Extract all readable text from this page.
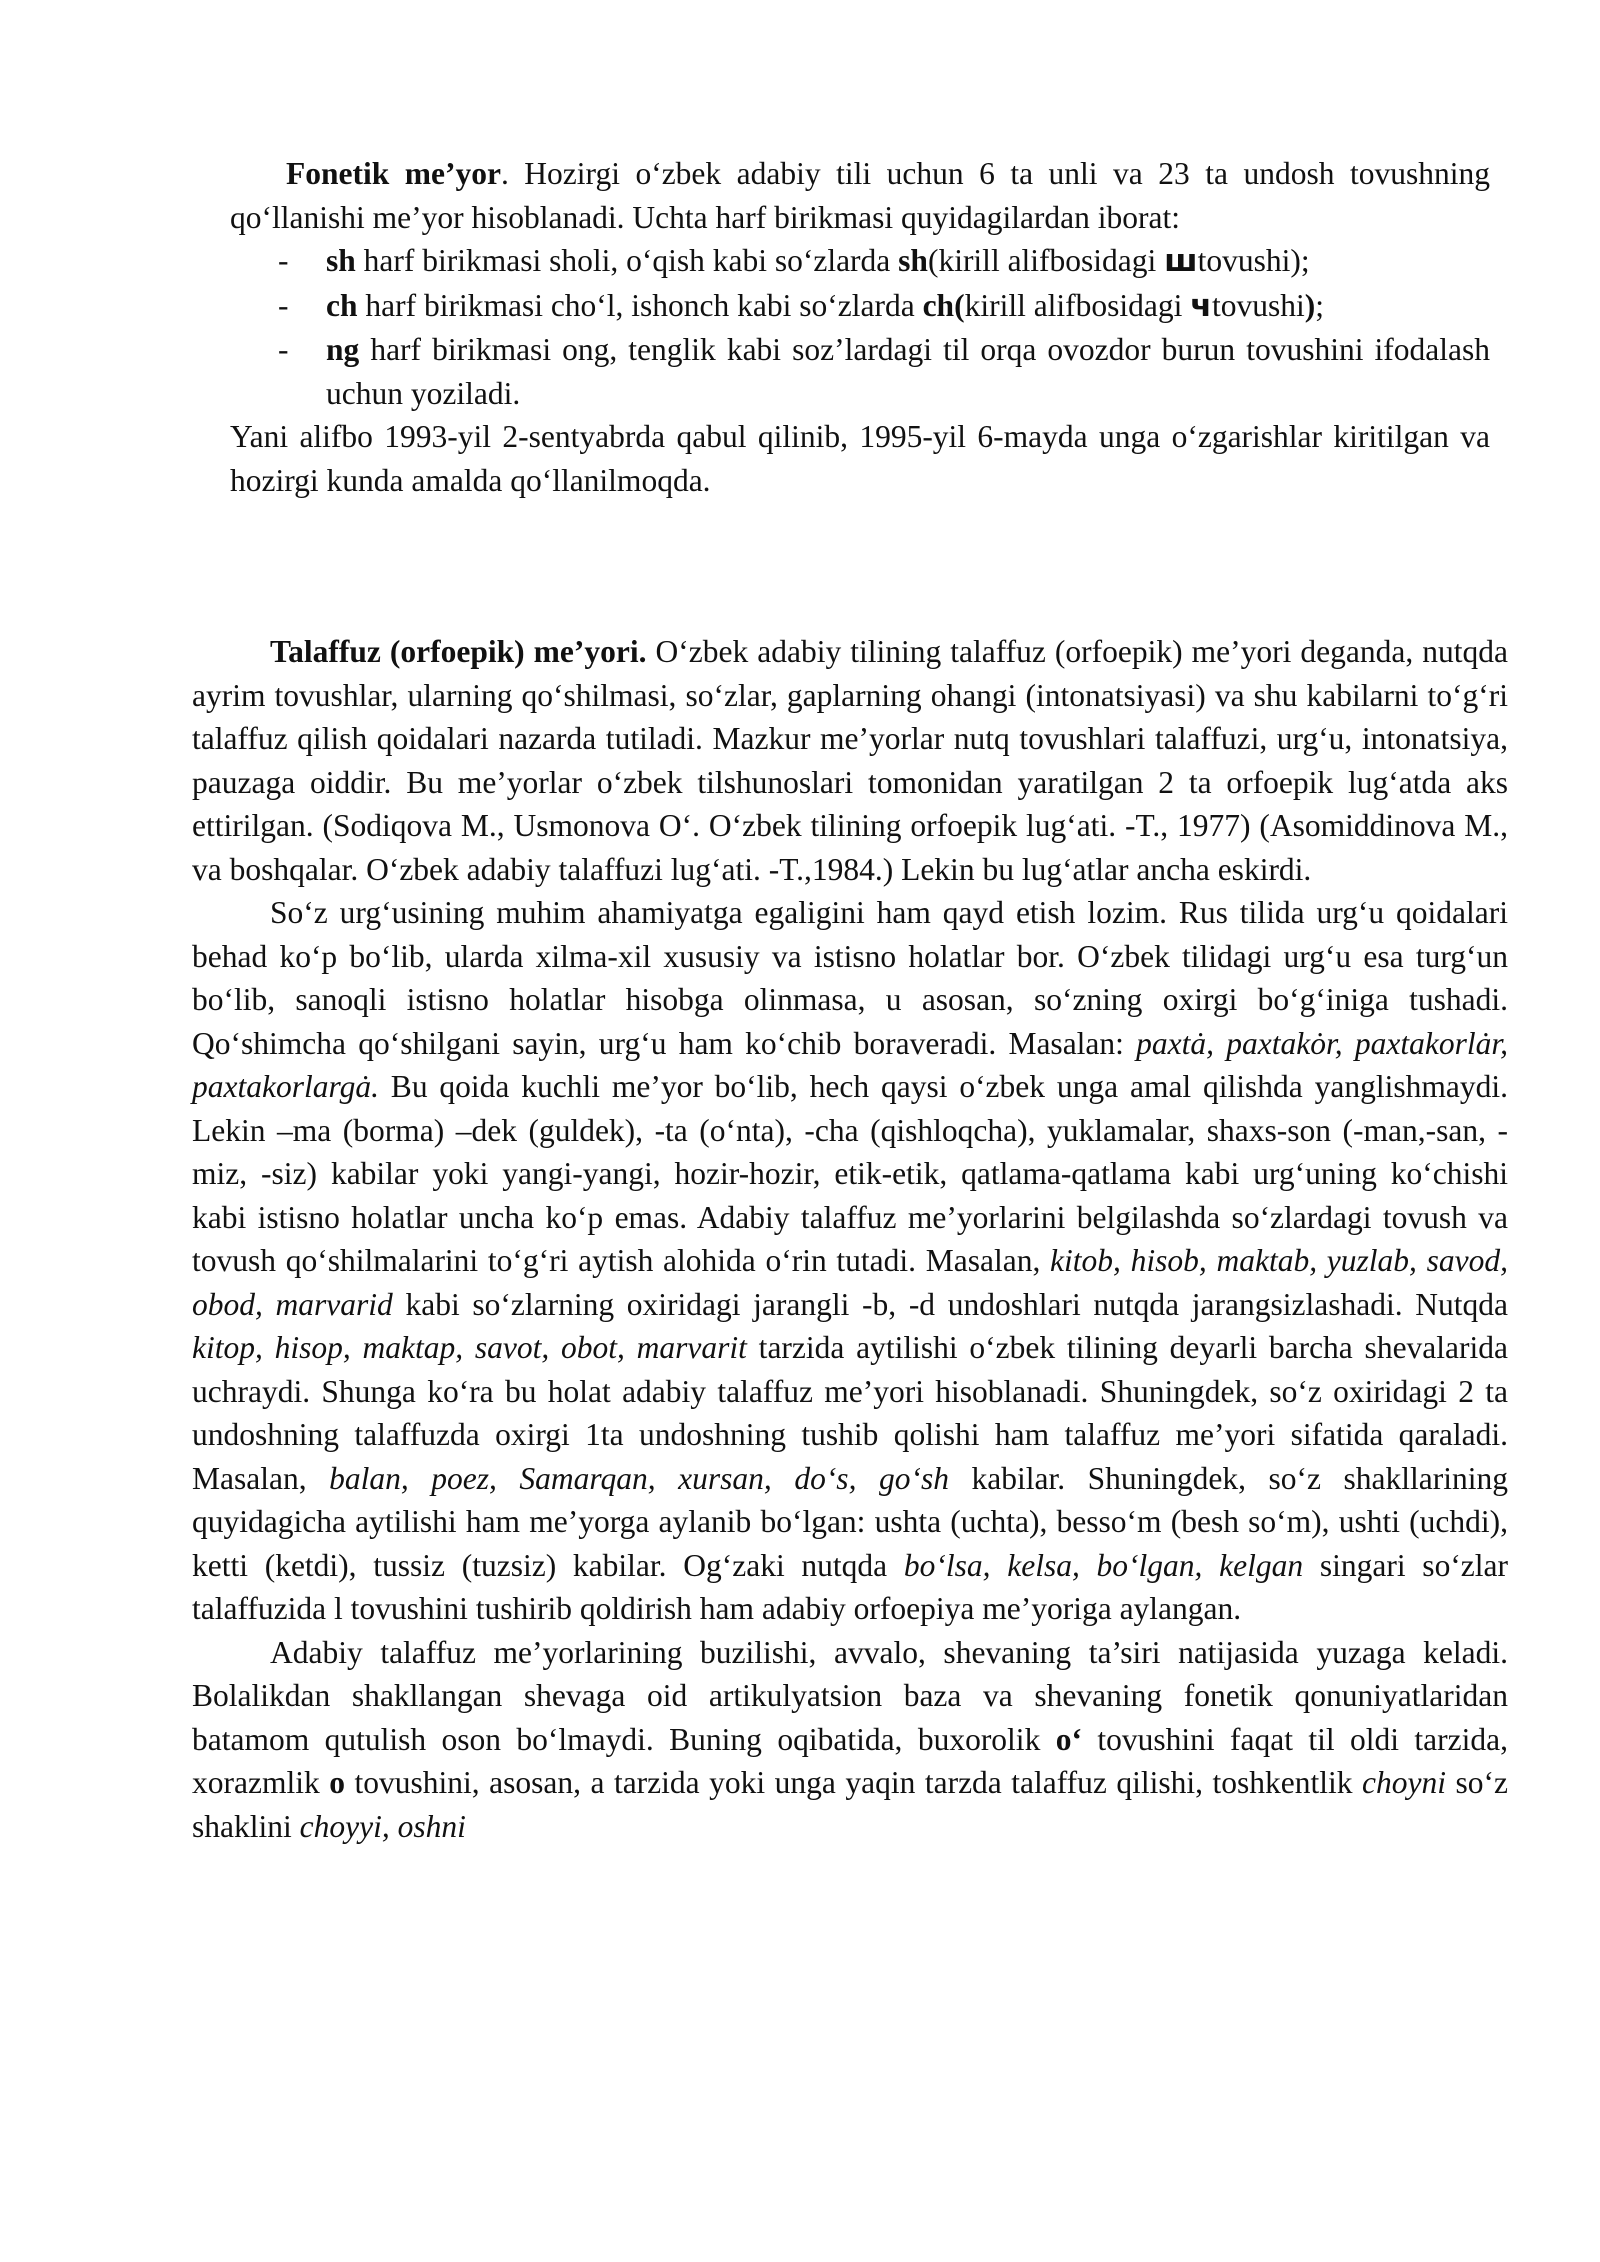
Fonetik me’yor. Hozirgi o‘zbek adabiy tili uchun 6 ta unli va 23 ta undosh tovushning qo‘llanishi me’yor hisoblanadi. Uchta harf birikmasi quyidagilardan iborat:

- sh harf birikmasi sholi, o‘qish kabi so‘zlarda sh(kirill alifbosidagi шtovushi);
- ch harf birikmasi cho‘l, ishonch kabi so‘zlarda ch(kirill alifbosidagi чtovushi);
- ng harf birikmasi ong, tenglik kabi soz’lardagi til orqa ovozdor burun tovushini ifodalash uchun yoziladi.

Yani alifbo 1993-yil 2-sentyabrda qabul qilinib, 1995-yil 6-mayda unga o‘zgarishlar kiritilgan va hozirgi kunda amalda qo‘llanilmoqda.

Talaffuz (orfoepik) me’yori. O‘zbek adabiy tilining talaffuz (orfoepik) me’yori deganda, nutqda ayrim tovushlar, ularning qo‘shilmasi, so‘zlar, gaplarning ohangi (intonatsiyasi) va shu kabilarni to‘g‘ri talaffuz qilish qoidalari nazarda tutiladi. Mazkur me’yorlar nutq tovushlari talaffuzi, urg‘u, intonatsiya, pauzaga oiddir. Bu me’yorlar o‘zbek tilshunoslari tomonidan yaratilgan 2 ta orfoepik lug‘atda aks ettirilgan. (Sodiqova M., Usmonova O‘. O‘zbek tilining orfoepik lug‘ati. -T., 1977) (Asomiddinova M., va boshqalar. O‘zbek adabiy talaffuzi lug‘ati. -T.,1984.) Lekin bu lug‘atlar ancha eskirdi.

So‘z urg‘usining muhim ahamiyatga egaligini ham qayd etish lozim. Rus tilida urg‘u qoidalari behad ko‘p bo‘lib, ularda xilma-xil xususiy va istisno holatlar bor. O‘zbek tilidagi urg‘u esa turg‘un bo‘lib, sanoqli istisno holatlar hisobga olinmasa, u asosan, so‘zning oxirgi bo‘g‘iniga tushadi. Qo‘shimcha qo‘shilgani sayin, urg‘u ham ko‘chib boraveradi. Masalan: paxtȧ, paxtakȯr, paxtakorlȧr, paxtakorlargȧ. Bu qoida kuchli me’yor bo‘lib, hech qaysi o‘zbek unga amal qilishda yanglishmaydi. Lekin –ma (borma) –dek (guldek), -ta (o‘nta), -cha (qishloqcha), yuklamalar, shaxs-son (-man,-san, -miz, -siz) kabilar yoki yangi-yangi, hozir-hozir, etik-etik, qatlama-qatlama kabi urg‘uning ko‘chishi kabi istisno holatlar uncha ko‘p emas. Adabiy talaffuz me’yorlarini belgilashda so‘zlardagi tovush va tovush qo‘shilmalarini to‘g‘ri aytish alohida o‘rin tutadi. Masalan, kitob, hisob, maktab, yuzlab, savod, obod, marvarid kabi so‘zlarning oxiridagi jarangli -b, -d undoshlari nutqda jarangsizlashadi. Nutqda kitop, hisop, maktap, savot, obot, marvarit tarzida aytilishi o‘zbek tilining deyarli barcha shevalarida uchraydi. Shunga ko‘ra bu holat adabiy talaffuz me’yori hisoblanadi. Shuningdek, so‘z oxiridagi 2 ta undoshning talaffuzda oxirgi 1ta undoshning tushib qolishi ham talaffuz me’yori sifatida qaraladi. Masalan, balan, poez, Samarqan, xursan, do‘s, go‘sh kabilar. Shuningdek, so‘z shakllarining quyidagicha aytilishi ham me’yorga aylanib bo‘lgan: ushta (uchta), besso‘m (besh so‘m), ushti (uchdi), ketti (ketdi), tussiz (tuzsiz) kabilar. Og‘zaki nutqda bo‘lsa, kelsa, bo‘lgan, kelgan singari so‘zlar talaffuzida l tovushini tushirib qoldirish ham adabiy orfoepiya me’yoriga aylangan.

Adabiy talaffuz me’yorlarining buzilishi, avvalo, shevaning ta’siri natijasida yuzaga keladi. Bolalikdan shakllangan shevaga oid artikulyatsion baza va shevaning fonetik qonuniyatlaridan batamom qutulish oson bo‘lmaydi. Buning oqibatida, buxorolik o‘ tovushini faqat til oldi tarzida, xorazmlik o tovushini, asosan, a tarzida yoki unga yaqin tarzda talaffuz qilishi, toshkentlik choyni so‘z shaklini choyyi, oshni
